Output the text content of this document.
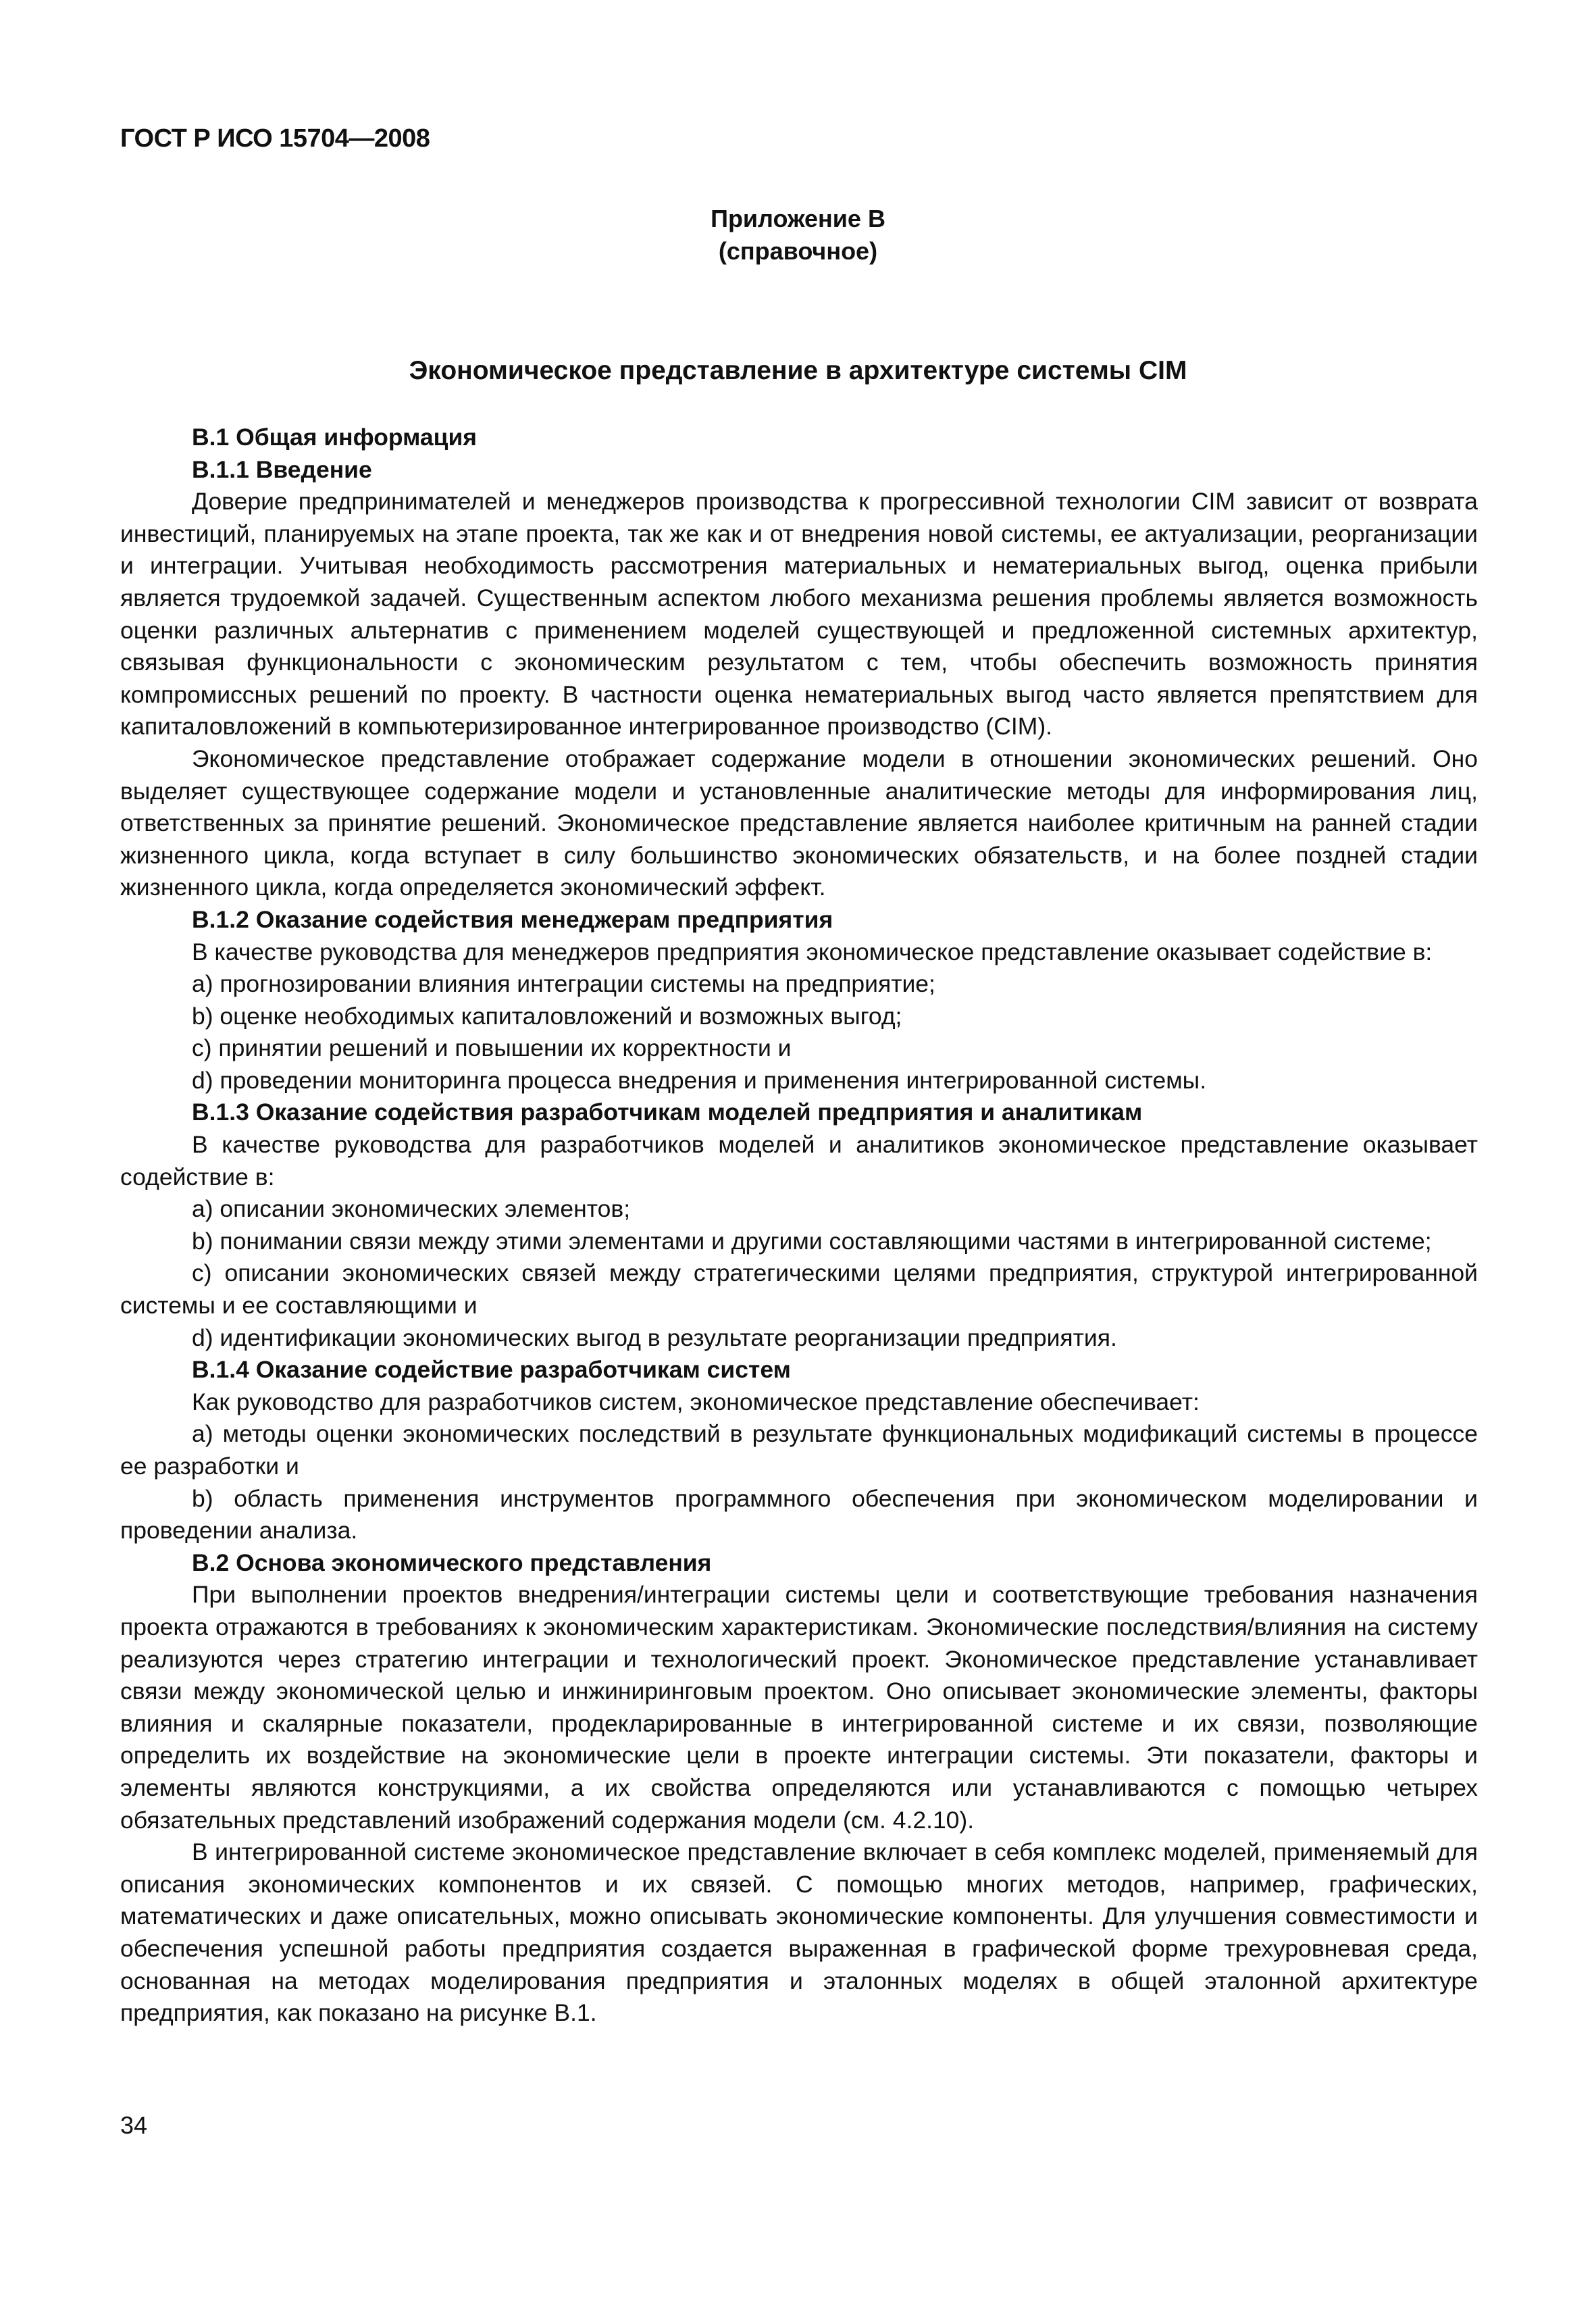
ГОСТ Р ИСО 15704—2008
Приложение В
(справочное)
Экономическое представление в архитектуре системы CIM

В.1 Общая информация

В.1.1 Введение

Доверие предпринимателей и менеджеров производства к прогрессивной технологии CIM зависит от возврата инвестиций, планируемых на этапе проекта, так же как и от внедрения новой системы, ее актуализации, реорганизации и интеграции. Учитывая необходимость рассмотрения материальных и нематериальных выгод, оценка прибыли является трудоемкой задачей. Существенным аспектом любого механизма решения проблемы является возможность оценки различных альтернатив с применением моделей существующей и предложенной системных архитектур, связывая функциональности с экономическим результатом с тем, чтобы обеспечить возможность принятия компромиссных решений по проекту. В частности оценка нематериальных выгод часто является препятствием для капиталовложений в компьютеризированное интегрированное производство (CIM).

Экономическое представление отображает содержание модели в отношении экономических решений. Оно выделяет существующее содержание модели и установленные аналитические методы для информирования лиц, ответственных за принятие решений. Экономическое представление является наиболее критичным на ранней стадии жизненного цикла, когда вступает в силу большинство экономических обязательств, и на более поздней стадии жизненного цикла, когда определяется экономический эффект.

В.1.2 Оказание содействия менеджерам предприятия

В качестве руководства для менеджеров предприятия экономическое представление оказывает содействие в:

a) прогнозировании влияния интеграции системы на предприятие;

b) оценке необходимых капиталовложений и возможных выгод;

c) принятии решений и повышении их корректности и

d) проведении мониторинга процесса внедрения и применения интегрированной системы.

В.1.3 Оказание содействия разработчикам моделей предприятия и аналитикам

В качестве руководства для разработчиков моделей и аналитиков экономическое представление оказывает содействие в:

a) описании экономических элементов;

b) понимании связи между этими элементами и другими составляющими частями в интегрированной системе;

c) описании экономических связей между стратегическими целями предприятия, структурой интегрированной системы и ее составляющими и

d) идентификации экономических выгод в результате реорганизации предприятия.

В.1.4 Оказание содействие разработчикам систем

Как руководство для разработчиков систем, экономическое представление обеспечивает:

a) методы оценки экономических последствий в результате функциональных модификаций системы в процессе ее разработки и

b) область применения инструментов программного обеспечения при экономическом моделировании и проведении анализа.

В.2 Основа экономического представления

При выполнении проектов внедрения/интеграции системы цели и соответствующие требования назначения проекта отражаются в требованиях к экономическим характеристикам. Экономические последствия/влияния на систему реализуются через стратегию интеграции и технологический проект. Экономическое представление устанавливает связи между экономической целью и инжиниринговым проектом. Оно описывает экономические элементы, факторы влияния и скалярные показатели, продекларированные в интегрированной системе и их связи, позволяющие определить их воздействие на экономические цели в проекте интеграции системы. Эти показатели, факторы и элементы являются конструкциями, а их свойства определяются или устанавливаются с помощью четырех обязательных представлений изображений содержания модели (см. 4.2.10).

В интегрированной системе экономическое представление включает в себя комплекс моделей, применяемый для описания экономических компонентов и их связей. С помощью многих методов, например, графических, математических и даже описательных, можно описывать экономические компоненты. Для улучшения совместимости и обеспечения успешной работы предприятия создается выраженная в графической форме трехуровневая среда, основанная на методах моделирования предприятия и эталонных моделях в общей эталонной архитектуре предприятия, как показано на рисунке В.1.

34
